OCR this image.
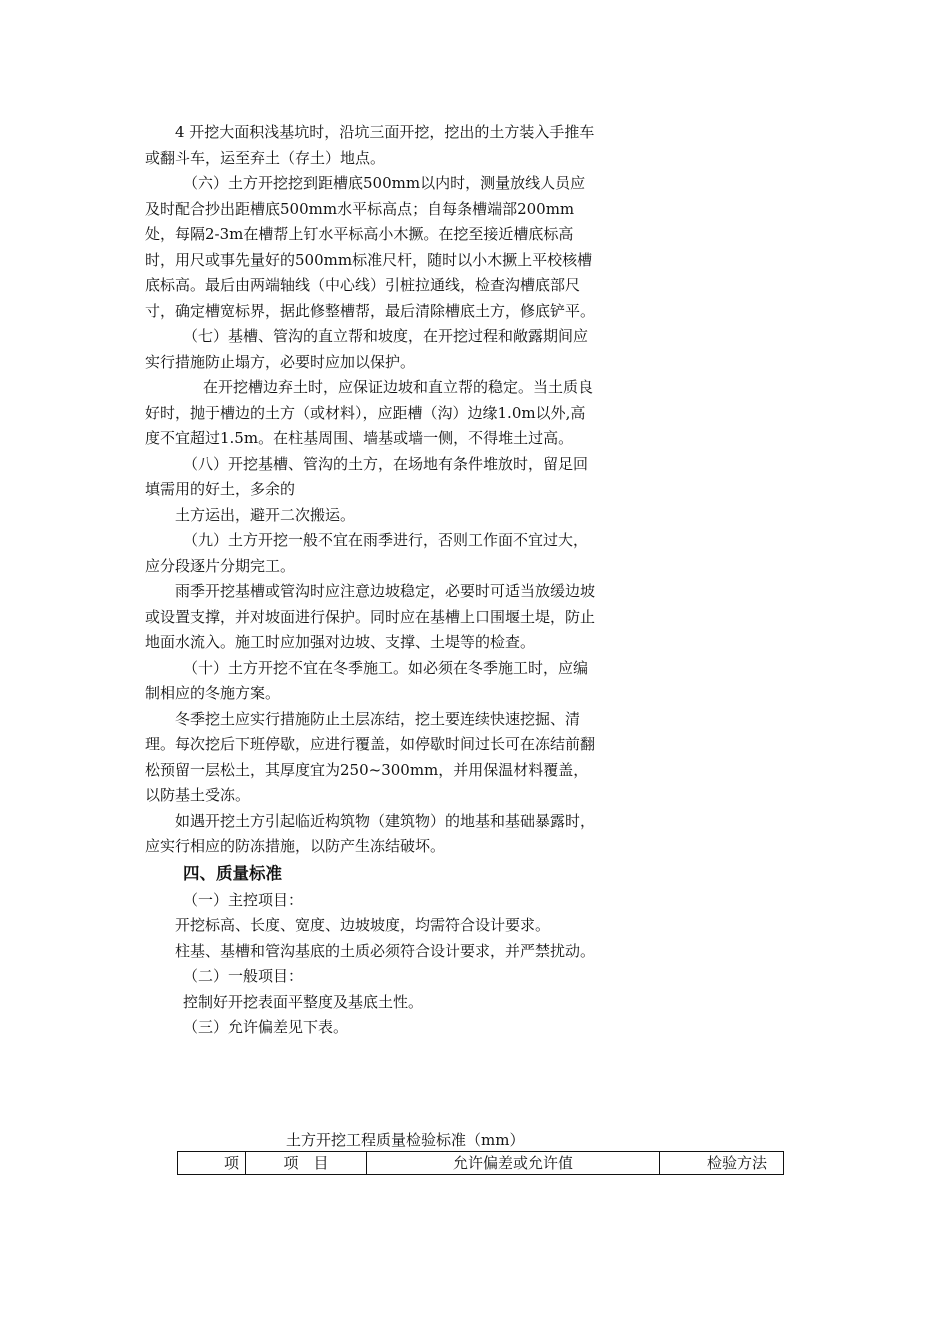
4 开挖大面积浅基坑时，沿坑三面开挖，挖出的土方装入手推车或翻斗车，运至弃土（存土）地点。

（六）土方开挖挖到距槽底500mm以内时，测量放线人员应及时配合抄出距槽底500mm水平标高点；自每条槽端部200mm处，每隔2-3m在槽帮上钉水平标高小木撅。在挖至接近槽底标高时，用尺或事先量好的500mm标准尺杆，随时以小木撅上平校核槽底标高。最后由两端轴线（中心线）引桩拉通线，检查沟槽底部尺寸，确定槽宽标界，据此修整槽帮，最后清除槽底土方，修底铲平。

（七）基槽、管沟的直立帮和坡度，在开挖过程和敞露期间应实行措施防止塌方，必要时应加以保护。

在开挖槽边弃土时，应保证边坡和直立帮的稳定。当土质良好时，抛于槽边的土方（或材料），应距槽（沟）边缘1.0m以外,高度不宜超过1.5m。在柱基周围、墙基或墙一侧，不得堆土过高。

（八）开挖基槽、管沟的土方，在场地有条件堆放时，留足回填需用的好土，多余的

土方运出，避开二次搬运。

（九）土方开挖一般不宜在雨季进行，否则工作面不宜过大，应分段逐片分期完工。

雨季开挖基槽或管沟时应注意边坡稳定，必要时可适当放缓边坡或设置支撑，并对坡面进行保护。同时应在基槽上口围堰土堤，防止地面水流入。施工时应加强对边坡、支撑、土堤等的检查。

（十）土方开挖不宜在冬季施工。如必须在冬季施工时，应编制相应的冬施方案。

冬季挖土应实行措施防止土层冻结，挖土要连续快速挖掘、清理。每次挖后下班停歇，应进行覆盖，如停歇时间过长可在冻结前翻松预留一层松土，其厚度宜为250~300mm，并用保温材料覆盖，以防基土受冻。

如遇开挖土方引起临近构筑物（建筑物）的地基和基础暴露时，应实行相应的防冻措施，以防产生冻结破坏。

四、质量标准

（一）主控项目：

开挖标高、长度、宽度、边坡坡度，均需符合设计要求。

柱基、基槽和管沟基底的土质必须符合设计要求，并严禁扰动。

（二）一般项目：

控制好开挖表面平整度及基底土性。

（三）允许偏差见下表。

土方开挖工程质量检验标准（mm）
项	项　目	允许偏差或允许值	检验方法
